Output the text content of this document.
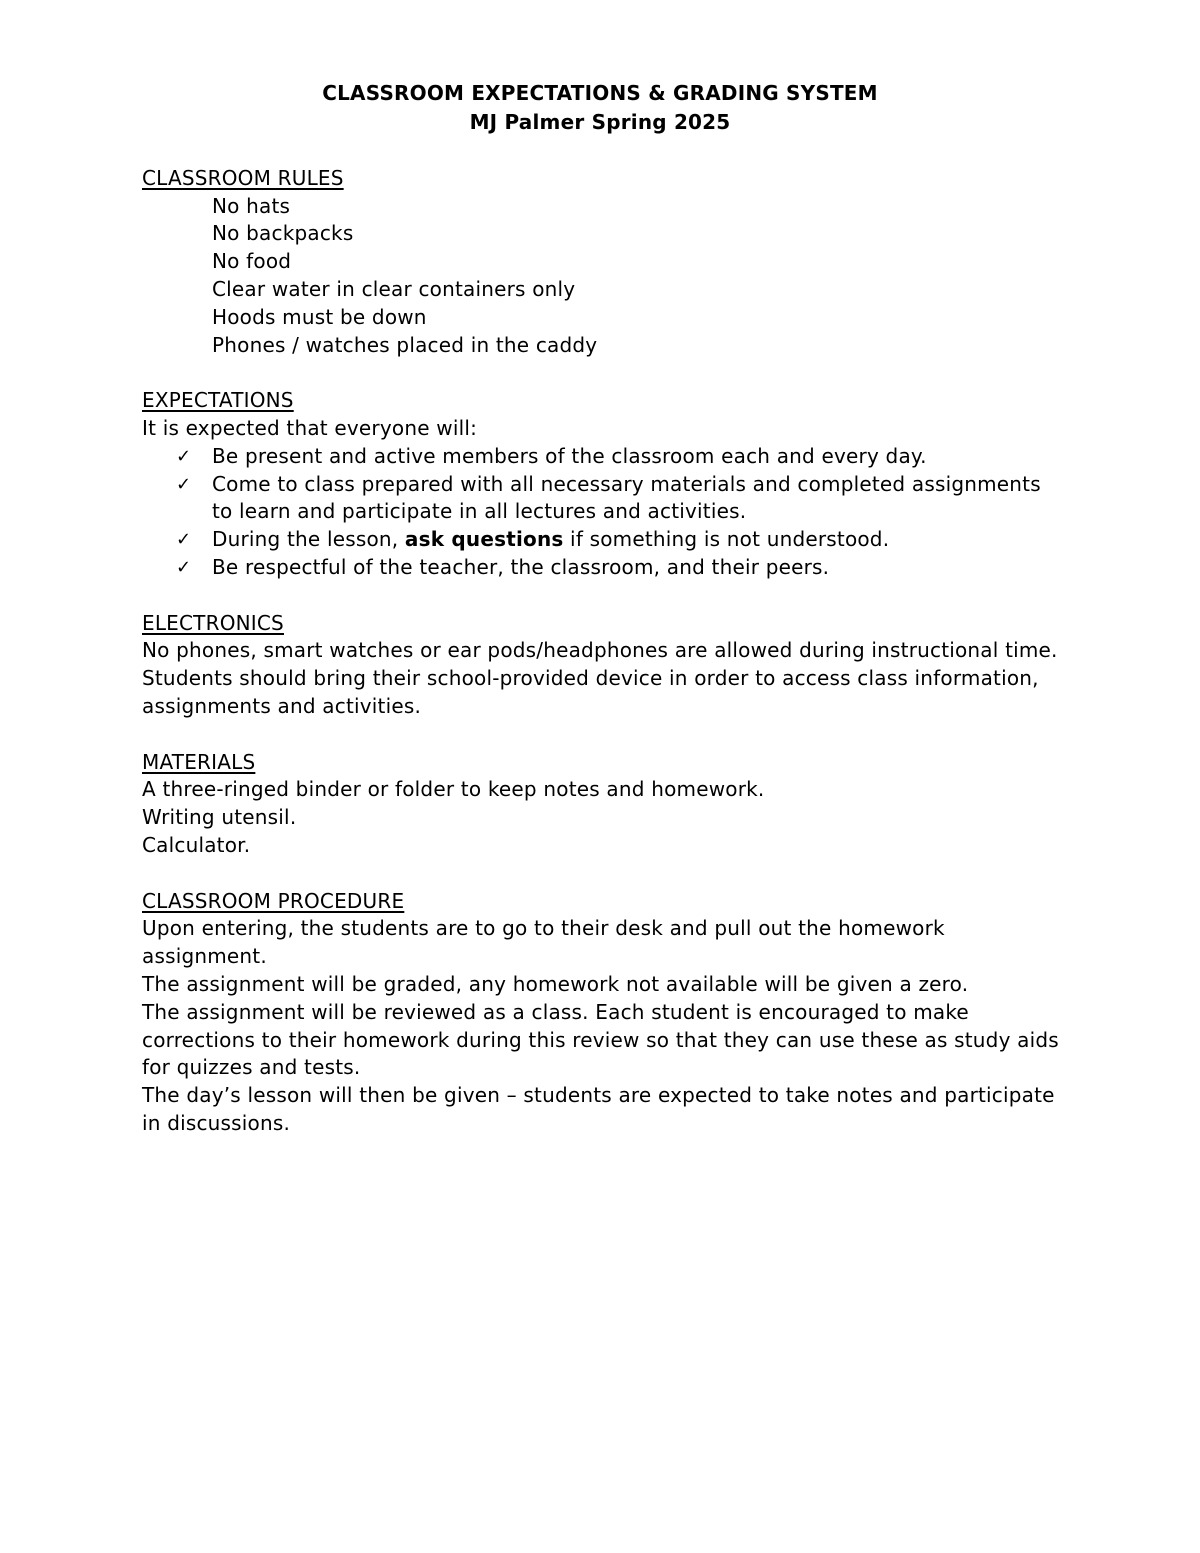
CLASSROOM EXPECTATIONS & GRADING SYSTEM
MJ Palmer Spring 2025
CLASSROOM RULES
No hats
No backpacks
No food
Clear water in clear containers only
Hoods must be down
Phones / watches placed in the caddy
EXPECTATIONS
It is expected that everyone will:
✓ Be present and active members of the classroom each and every day.
✓ Come to class prepared with all necessary materials and completed assignments to learn and participate in all lectures and activities.
✓ During the lesson, ask questions if something is not understood.
✓ Be respectful of the teacher, the classroom, and their peers.
ELECTRONICS
No phones, smart watches or ear pods/headphones are allowed during instructional time.
Students should bring their school-provided device in order to access class information, assignments and activities.
MATERIALS
A three-ringed binder or folder to keep notes and homework.
Writing utensil.
Calculator.
CLASSROOM PROCEDURE
Upon entering, the students are to go to their desk and pull out the homework assignment.
The assignment will be graded, any homework not available will be given a zero.
The assignment will be reviewed as a class. Each student is encouraged to make corrections to their homework during this review so that they can use these as study aids for quizzes and tests.
The day’s lesson will then be given – students are expected to take notes and participate in discussions.
